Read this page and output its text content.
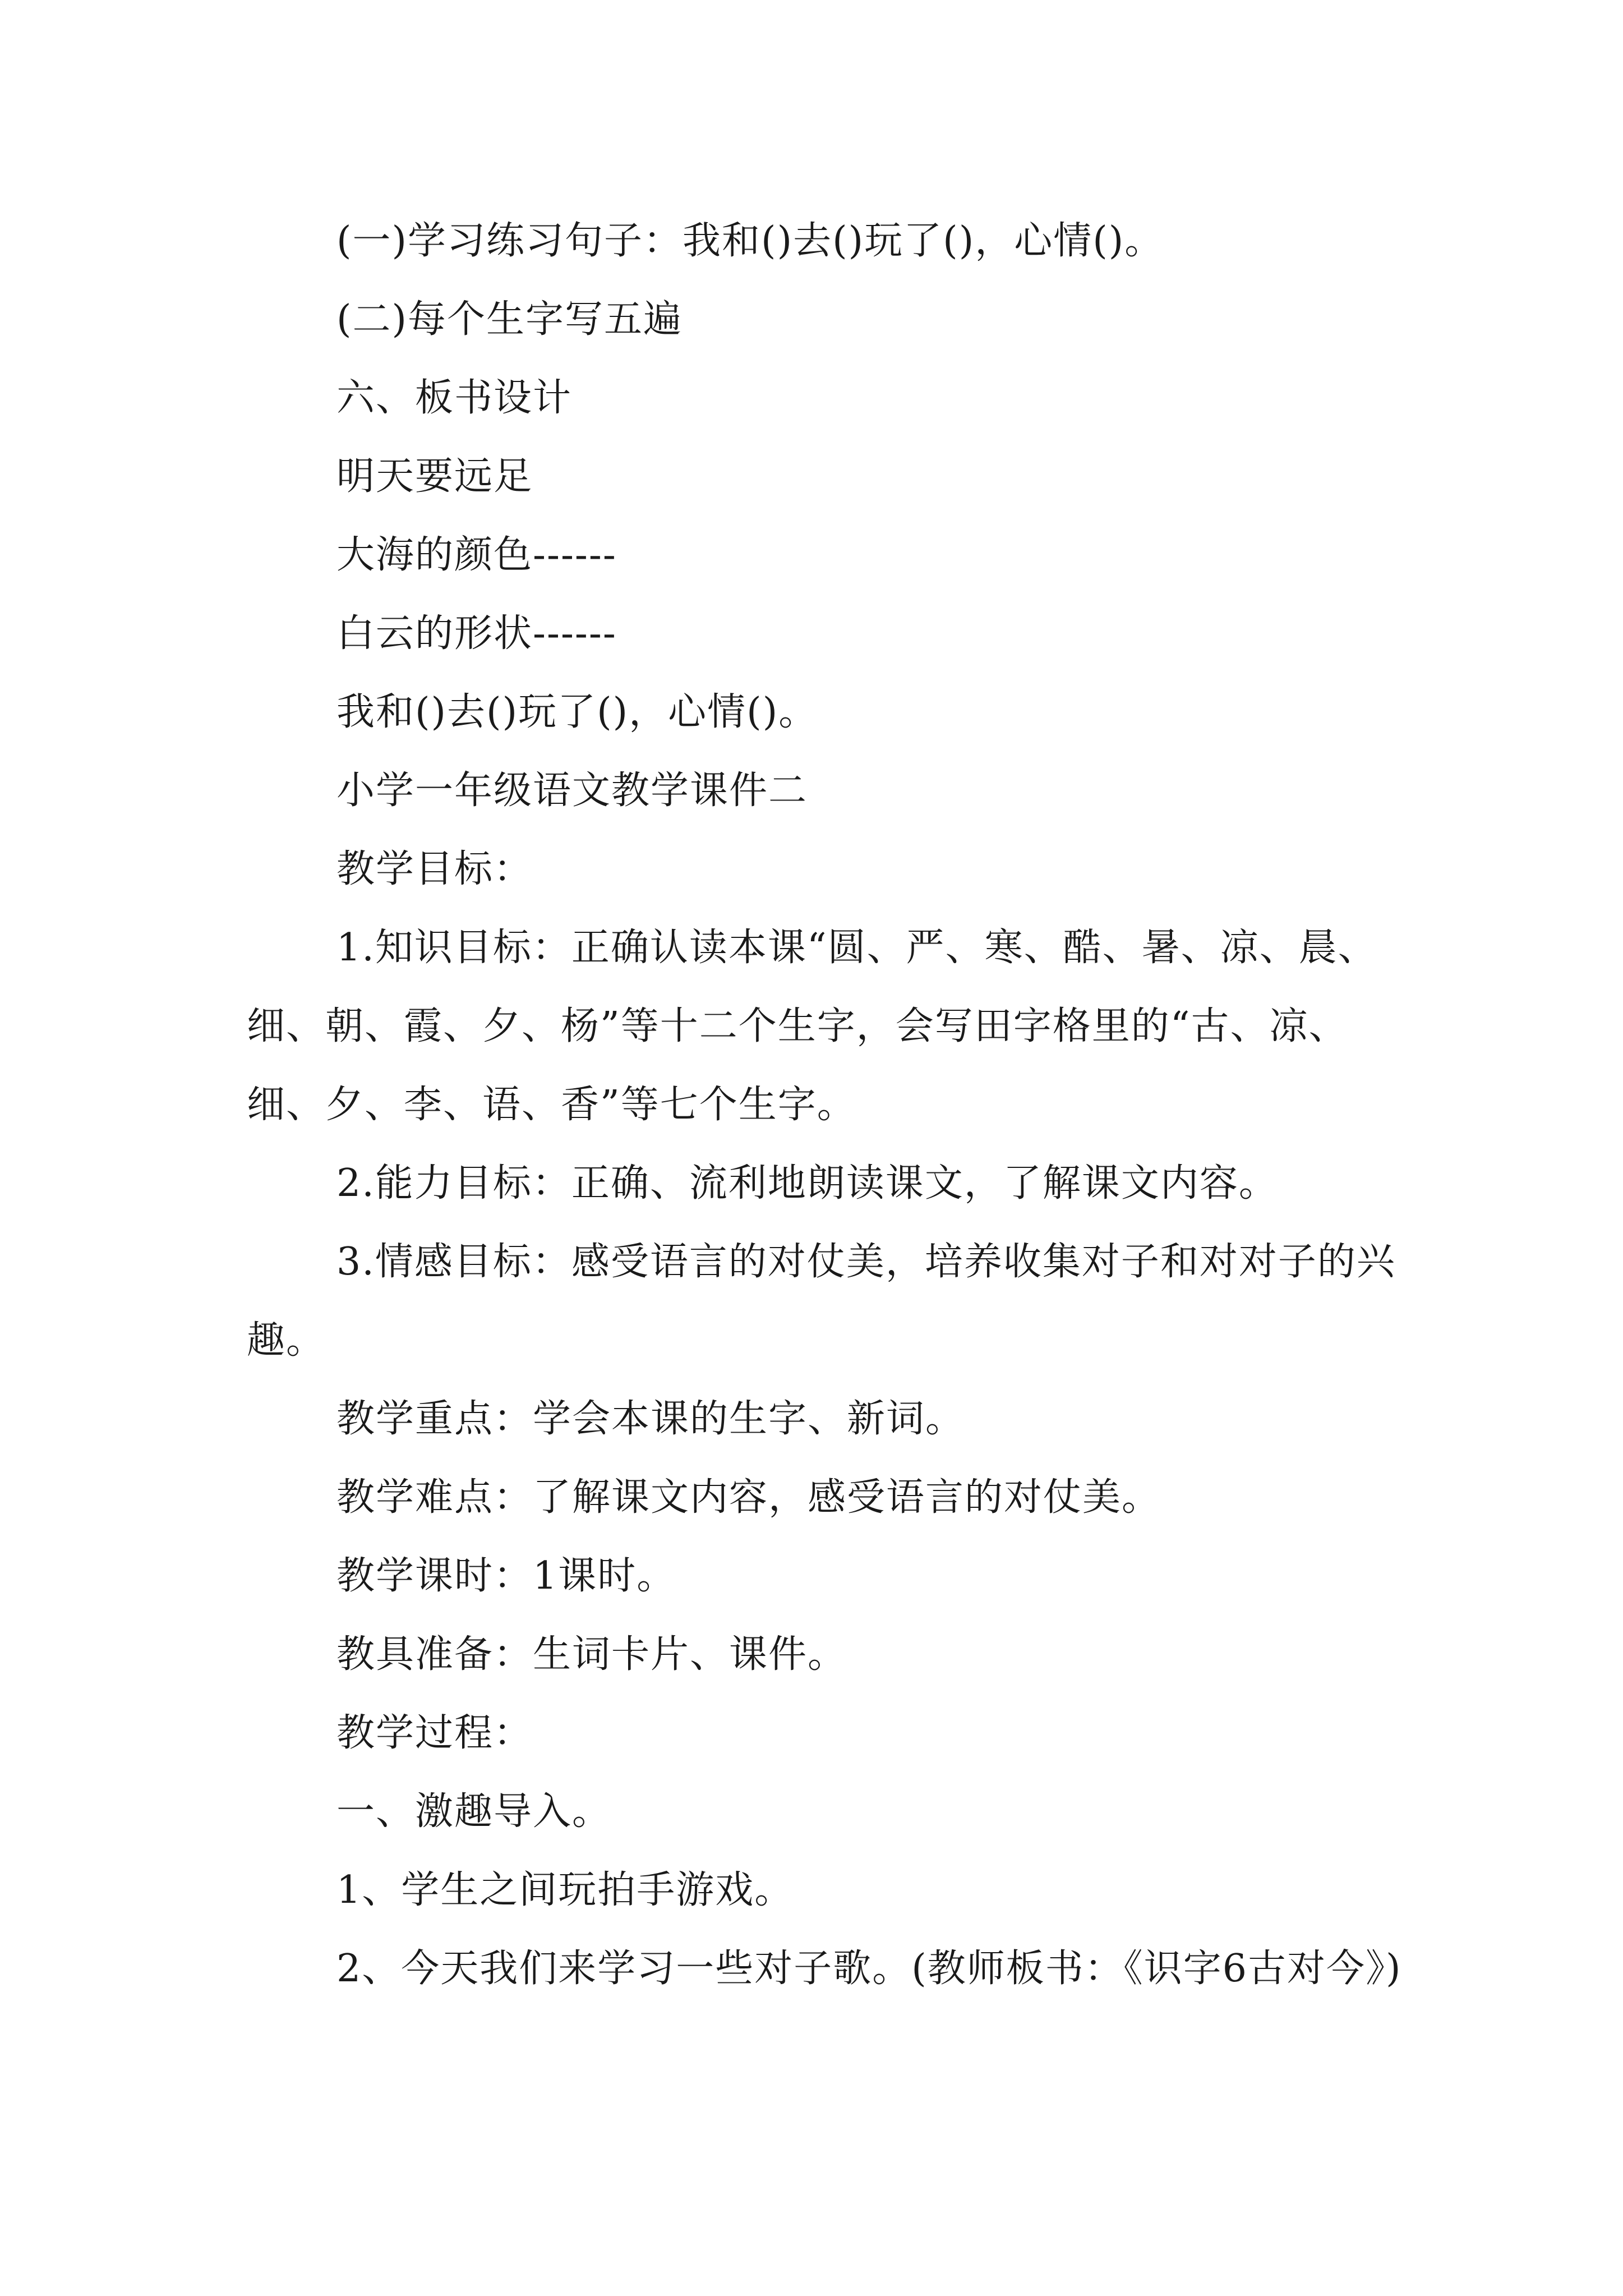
(一)学习练习句子：我和()去()玩了()，心情()。
(二)每个生字写五遍
六、板书设计
明天要远足
大海的颜色------
白云的形状------
我和()去()玩了()，心情()。
小学一年级语文教学课件二
教学目标：
1.知识目标：正确认读本课“圆、严、寒、酷、暑、凉、晨、细、朝、霞、夕、杨”等十二个生字，会写田字格里的“古、凉、细、夕、李、语、香”等七个生字。
2.能力目标：正确、流利地朗读课文，了解课文内容。
3.情感目标：感受语言的对仗美，培养收集对子和对对子的兴趣。
教学重点：学会本课的生字、新词。
教学难点：了解课文内容，感受语言的对仗美。
教学课时：1课时。
教具准备：生词卡片、课件。
教学过程：
一、激趣导入。
1、学生之间玩拍手游戏。
2、今天我们来学习一些对子歌。(教师板书：《识字6古对今》)
